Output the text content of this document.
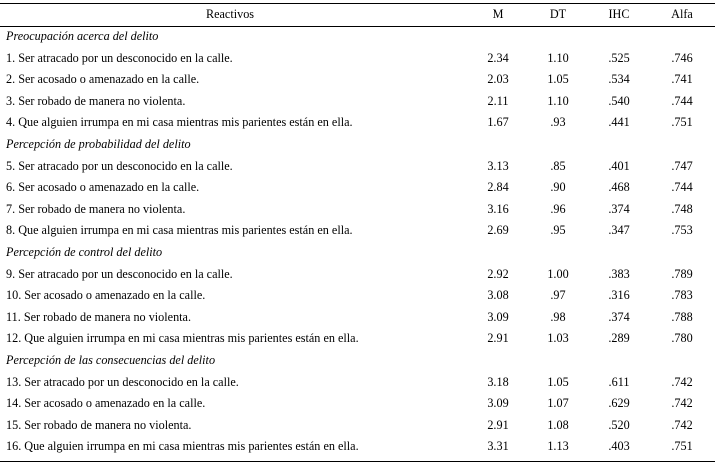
Reactivos	M	DT	IHC	Alfa
Preocupación acerca del delito
1. Ser atracado por un desconocido en la calle.	2.34	1.10	.525	.746
2. Ser acosado o amenazado en la calle.	2.03	1.05	.534	.741
3. Ser robado de manera no violenta.	2.11	1.10	.540	.744
4. Que alguien irrumpa en mi casa mientras mis parientes están en ella.	1.67	.93	.441	.751
Percepción de probabilidad del delito
5. Ser atracado por un desconocido en la calle.	3.13	.85	.401	.747
6. Ser acosado o amenazado en la calle.	2.84	.90	.468	.744
7. Ser robado de manera no violenta.	3.16	.96	.374	.748
8. Que alguien irrumpa en mi casa mientras mis parientes están en ella.	2.69	.95	.347	.753
Percepción de control del delito
9. Ser atracado por un desconocido en la calle.	2.92	1.00	.383	.789
10. Ser acosado o amenazado en la calle.	3.08	.97	.316	.783
11. Ser robado de manera no violenta.	3.09	.98	.374	.788
12. Que alguien irrumpa en mi casa mientras mis parientes están en ella.	2.91	1.03	.289	.780
Percepción de las consecuencias del delito
13. Ser atracado por un desconocido en la calle.	3.18	1.05	.611	.742
14. Ser acosado o amenazado en la calle.	3.09	1.07	.629	.742
15. Ser robado de manera no violenta.	2.91	1.08	.520	.742
16. Que alguien irrumpa en mi casa mientras mis parientes están en ella.	3.31	1.13	.403	.751
